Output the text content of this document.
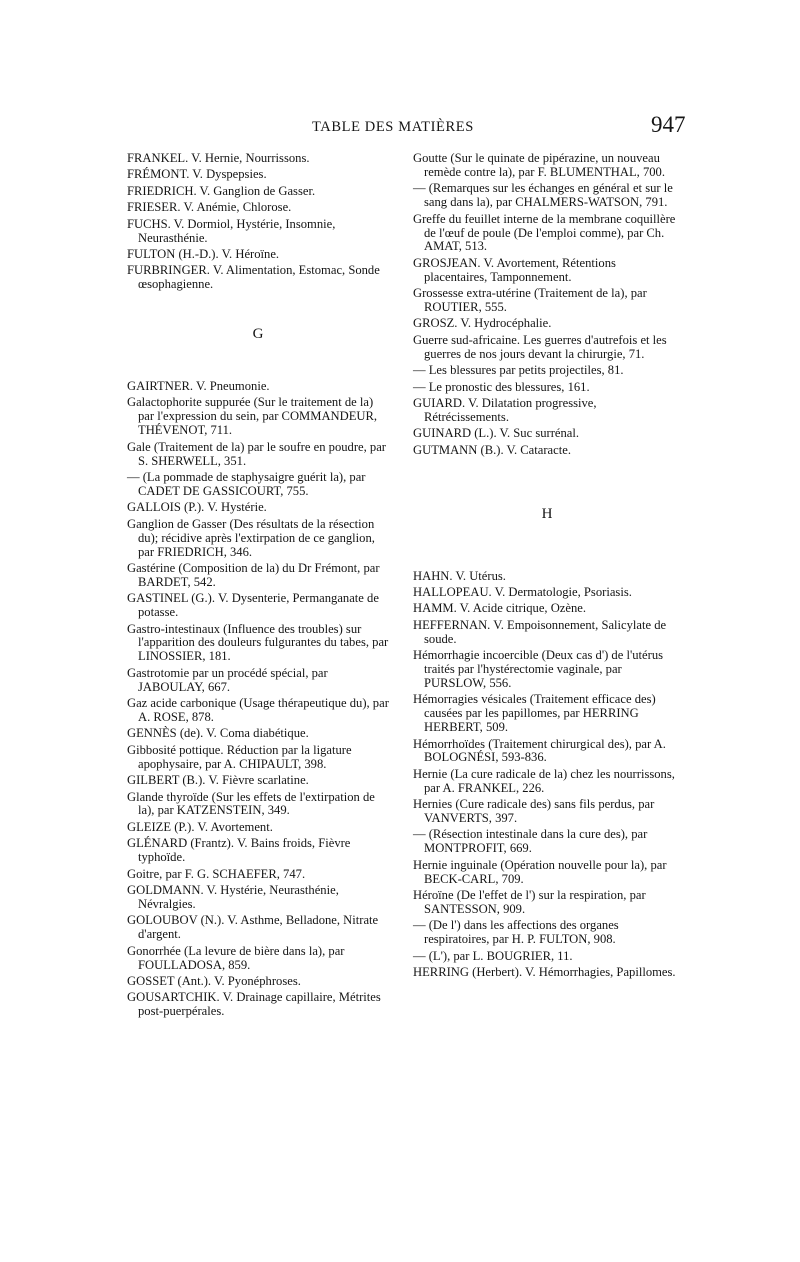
TABLE DES MATIÈRES	947

FRANKEL. V. Hernie, Nourrissons.

FRÉMONT. V. Dyspepsies.

FRIEDRICH. V. Ganglion de Gasser.

FRIESER. V. Anémie, Chlorose.

FUCHS. V. Dormiol, Hystérie, Insomnie, Neurasthénie.

FULTON (H.-D.). V. Héroïne.

FURBRINGER. V. Alimentation, Estomac, Sonde œsophagienne.

G

GAIRTNER. V. Pneumonie.

Galactophorite suppurée (Sur le traitement de la) par l'expression du sein, par COMMANDEUR, THÉVENOT, 711.

Gale (Traitement de la) par le soufre en poudre, par S. SHERWELL, 351.

— (La pommade de staphysaigre guérit la), par CADET DE GASSICOURT, 755.

GALLOIS (P.). V. Hystérie.

Ganglion de Gasser (Des résultats de la résection du); récidive après l'extirpation de ce ganglion, par FRIEDRICH, 346.

Gastérine (Composition de la) du Dr Frémont, par BARDET, 542.

GASTINEL (G.). V. Dysenterie, Permanganate de potasse.

Gastro-intestinaux (Influence des troubles) sur l'apparition des douleurs fulgurantes du tabes, par LINOSSIER, 181.

Gastrotomie par un procédé spécial, par JABOULAY, 667.

Gaz acide carbonique (Usage thérapeutique du), par A. ROSE, 878.

GENNÈS (de). V. Coma diabétique.

Gibbosité pottique. Réduction par la ligature apophysaire, par A. CHIPAULT, 398.

GILBERT (B.). V. Fièvre scarlatine.

Glande thyroïde (Sur les effets de l'extirpation de la), par KATZENSTEIN, 349.

GLEIZE (P.). V. Avortement.

GLÉNARD (Frantz). V. Bains froids, Fièvre typhoïde.

Goitre, par F. G. SCHAEFER, 747.

GOLDMANN. V. Hystérie, Neurasthénie, Névralgies.

GOLOUBOV (N.). V. Asthme, Belladone, Nitrate d'argent.

Gonorrhée (La levure de bière dans la), par FOULLADOSA, 859.

GOSSET (Ant.). V. Pyonéphroses.

GOUSARTCHIK. V. Drainage capillaire, Métrites post-puerpérales.

Goutte (Sur le quinate de pipérazine, un nouveau remède contre la), par F. BLUMENTHAL, 700.

— (Remarques sur les échanges en général et sur le sang dans la), par CHALMERS-WATSON, 791.

Greffe du feuillet interne de la membrane coquillère de l'œuf de poule (De l'emploi comme), par Ch. AMAT, 513.

GROSJEAN. V. Avortement, Rétentions placentaires, Tamponnement.

Grossesse extra-utérine (Traitement de la), par ROUTIER, 555.

GROSZ. V. Hydrocéphalie.

Guerre sud-africaine. Les guerres d'autrefois et les guerres de nos jours devant la chirurgie, 71.

— Les blessures par petits projectiles, 81.

— Le pronostic des blessures, 161.

GUIARD. V. Dilatation progressive, Rétrécissements.

GUINARD (L.). V. Suc surrénal.

GUTMANN (B.). V. Cataracte.

H

HAHN. V. Utérus.

HALLOPEAU. V. Dermatologie, Psoriasis.

HAMM. V. Acide citrique, Ozène.

HEFFERNAN. V. Empoisonnement, Salicylate de soude.

Hémorrhagie incoercible (Deux cas d') de l'utérus traités par l'hystérectomie vaginale, par PURSLOW, 556.

Hémorragies vésicales (Traitement efficace des) causées par les papillomes, par HERRING HERBERT, 509.

Hémorrhoïdes (Traitement chirurgical des), par A. BOLOGNÉSI, 593-836.

Hernie (La cure radicale de la) chez les nourrissons, par A. FRANKEL, 226.

Hernies (Cure radicale des) sans fils perdus, par VANVERTS, 397.

— (Résection intestinale dans la cure des), par MONTPROFIT, 669.

Hernie inguinale (Opération nouvelle pour la), par BECK-CARL, 709.

Héroïne (De l'effet de l') sur la respiration, par SANTESSON, 909.

— (De l') dans les affections des organes respiratoires, par H. P. FULTON, 908.

— (L'), par L. BOUGRIER, 11.

HERRING (Herbert). V. Hémorrhagies, Papillomes.
